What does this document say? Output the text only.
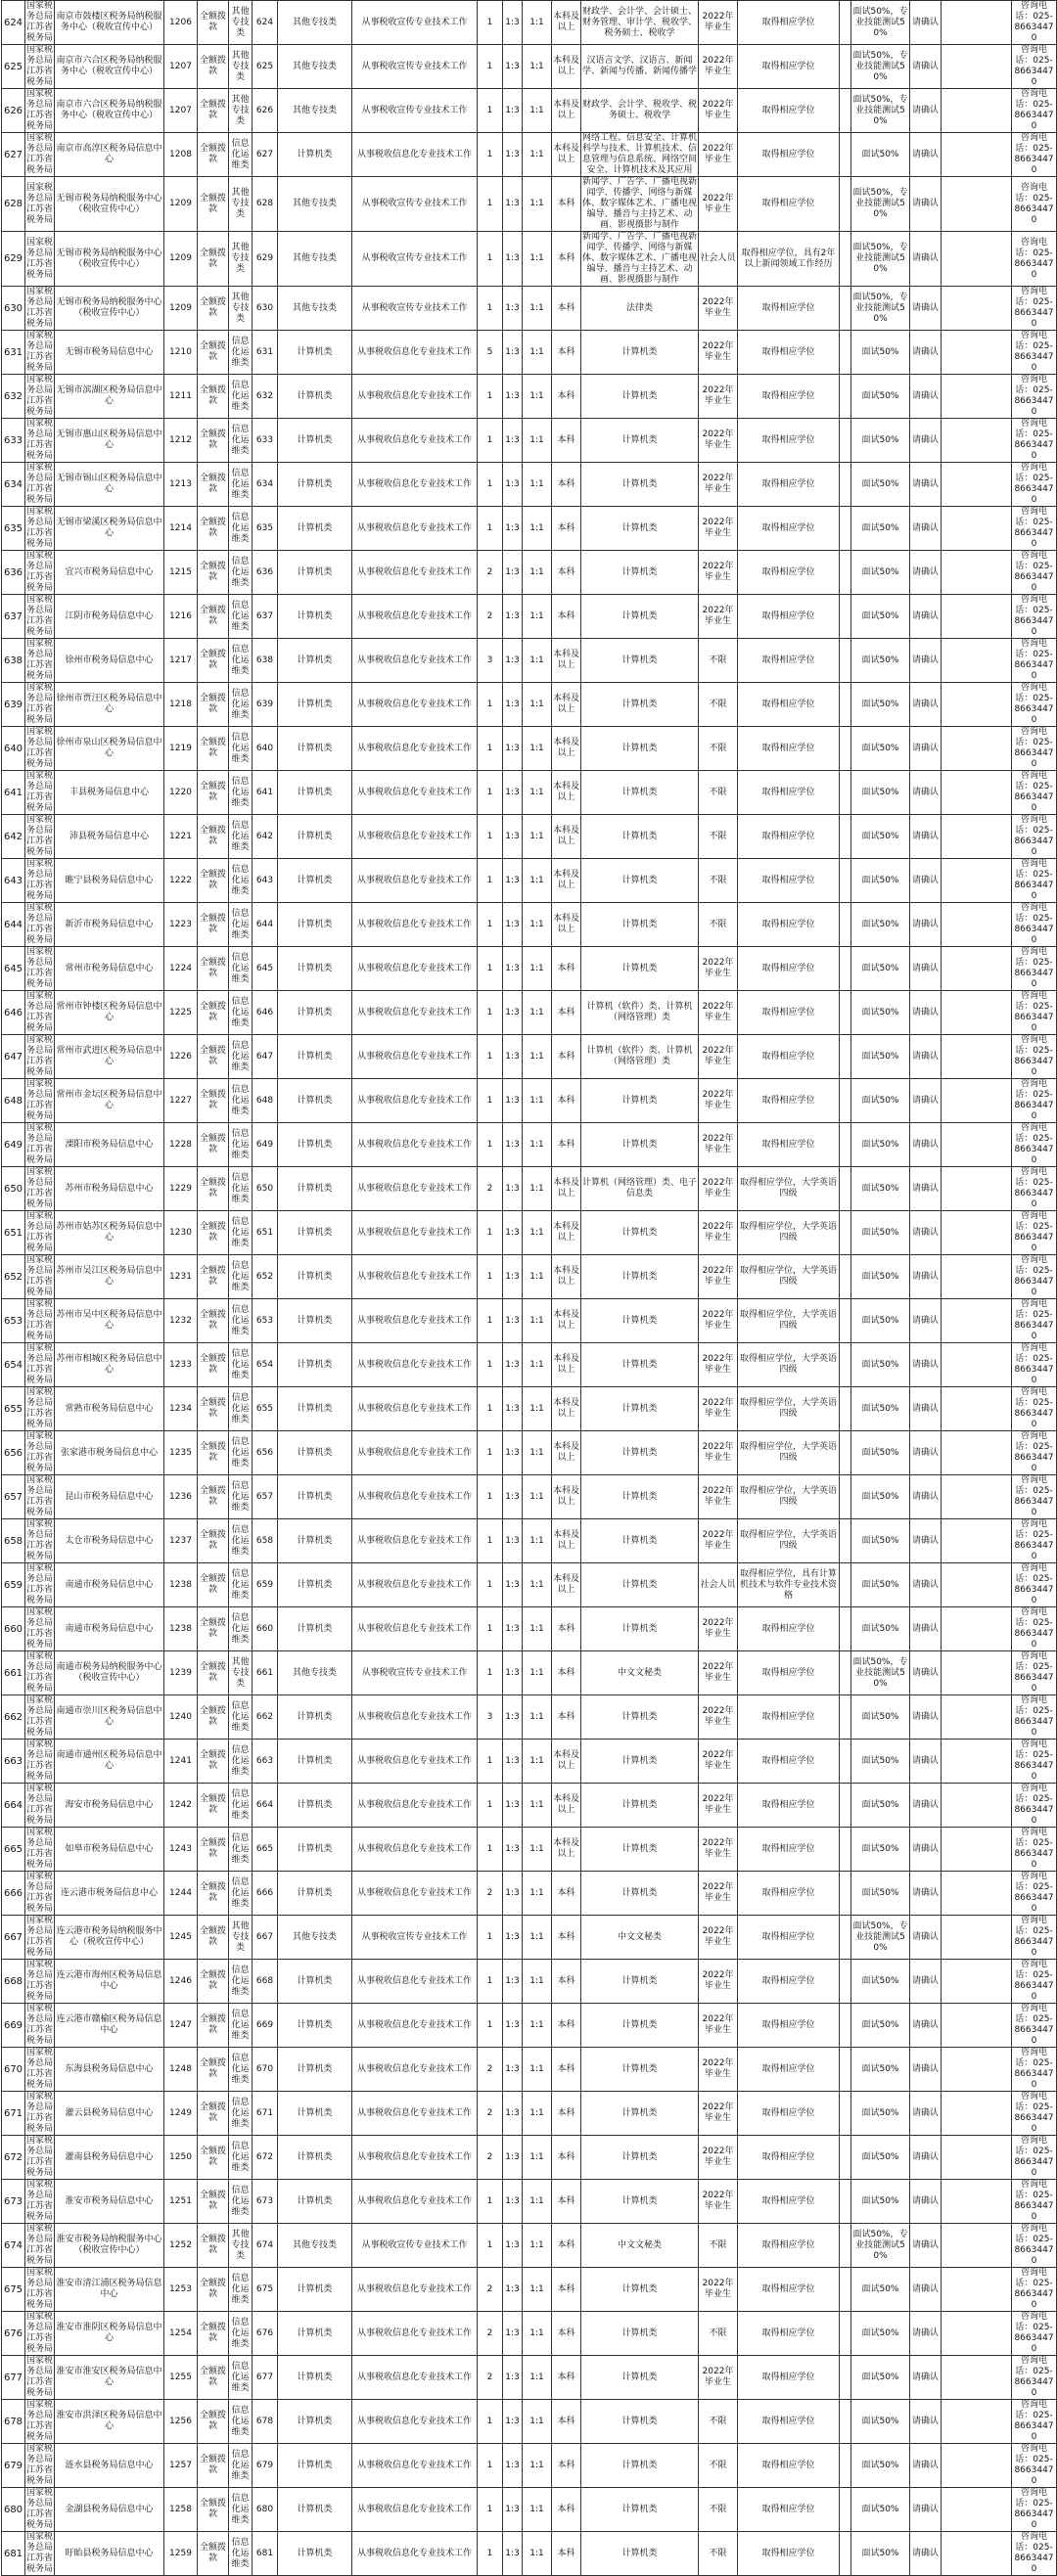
624	国家税务总局江苏省税务局	南京市鼓楼区税务局纳税服务中心（税收宣传中心）	1206	全额拨款	其他专技类	624	其他专技类	从事税收宣传专业技术工作	1	1:3	1:1	本科及以上	财政学、会计学、会计硕士、财务管理、审计学、税收学、税务硕士、税收学	2022年毕业生	取得相应学位		面试50%，专业技能测试50%	请确认		咨询电话：025-86634470
625	国家税务总局江苏省税务局	南京市六合区税务局纳税服务中心（税收宣传中心）	1207	全额拨款	其他专技类	625	其他专技类	从事税收宣传专业技术工作	1	1:3	1:1	本科及以上	汉语言文学、汉语言、新闻学、新闻与传播、新闻传播学	2022年毕业生	取得相应学位		面试50%，专业技能测试50%	请确认		咨询电话：025-86634470
626	国家税务总局江苏省税务局	南京市六合区税务局纳税服务中心（税收宣传中心）	1207	全额拨款	其他专技类	626	其他专技类	从事税收宣传专业技术工作	1	1:3	1:1	本科及以上	财政学、会计学、税收学、税务硕士、税收学	2022年毕业生	取得相应学位		面试50%，专业技能测试50%	请确认		咨询电话：025-86634470
627	国家税务总局江苏省税务局	南京市高淳区税务局信息中心	1208	全额拨款	信息化运维类	627	计算机类	从事税收信息化专业技术工作	1	1:3	1:1	本科及以上	网络工程、信息安全、计算机科学与技术、计算机技术、信息管理与信息系统、网络空间安全、计算机技术及其应用	2022年毕业生	取得相应学位		面试50%	请确认		咨询电话：025-86634470
628	国家税务总局江苏省税务局	无锡市税务局纳税服务中心（税收宣传中心）	1209	全额拨款	其他专技类	628	其他专技类	从事税收宣传专业技术工作	1	1:3	1:1	本科	新闻学、广告学、广播电视新闻学、传播学、网络与新媒体、数字媒体艺术、广播电视编导、播音与主持艺术、动画、影视摄影与制作	2022年毕业生	取得相应学位		面试50%，专业技能测试50%	请确认		咨询电话：025-86634470
629	国家税务总局江苏省税务局	无锡市税务局纳税服务中心（税收宣传中心）	1209	全额拨款	其他专技类	629	其他专技类	从事税收宣传专业技术工作	1	1:3	1:1	本科	新闻学、广告学、广播电视新闻学、传播学、网络与新媒体、数字媒体艺术、广播电视编导、播音与主持艺术、动画、影视摄影与制作	社会人员	取得相应学位，具有2年以上新闻领域工作经历		面试50%，专业技能测试50%	请确认		咨询电话：025-86634470
630	国家税务总局江苏省税务局	无锡市税务局纳税服务中心（税收宣传中心）	1209	全额拨款	其他专技类	630	其他专技类	从事税收宣传专业技术工作	1	1:3	1:1	本科	法律类	2022年毕业生	取得相应学位		面试50%，专业技能测试50%	请确认		咨询电话：025-86634470
631	国家税务总局江苏省税务局	无锡市税务局信息中心	1210	全额拨款	信息化运维类	631	计算机类	从事税收信息化专业技术工作	5	1:3	1:1	本科	计算机类	2022年毕业生	取得相应学位		面试50%	请确认		咨询电话：025-86634470
632	国家税务总局江苏省税务局	无锡市滨湖区税务局信息中心	1211	全额拨款	信息化运维类	632	计算机类	从事税收信息化专业技术工作	1	1:3	1:1	本科	计算机类	2022年毕业生	取得相应学位		面试50%	请确认		咨询电话：025-86634470
633	国家税务总局江苏省税务局	无锡市惠山区税务局信息中心	1212	全额拨款	信息化运维类	633	计算机类	从事税收信息化专业技术工作	1	1:3	1:1	本科	计算机类	2022年毕业生	取得相应学位		面试50%	请确认		咨询电话：025-86634470
634	国家税务总局江苏省税务局	无锡市锡山区税务局信息中心	1213	全额拨款	信息化运维类	634	计算机类	从事税收信息化专业技术工作	1	1:3	1:1	本科	计算机类	2022年毕业生	取得相应学位		面试50%	请确认		咨询电话：025-86634470
635	国家税务总局江苏省税务局	无锡市梁溪区税务局信息中心	1214	全额拨款	信息化运维类	635	计算机类	从事税收信息化专业技术工作	1	1:3	1:1	本科	计算机类	2022年毕业生	取得相应学位		面试50%	请确认		咨询电话：025-86634470
636	国家税务总局江苏省税务局	宜兴市税务局信息中心	1215	全额拨款	信息化运维类	636	计算机类	从事税收信息化专业技术工作	2	1:3	1:1	本科	计算机类	2022年毕业生	取得相应学位		面试50%	请确认		咨询电话：025-86634470
637	国家税务总局江苏省税务局	江阴市税务局信息中心	1216	全额拨款	信息化运维类	637	计算机类	从事税收信息化专业技术工作	2	1:3	1:1	本科	计算机类	2022年毕业生	取得相应学位		面试50%	请确认		咨询电话：025-86634470
638	国家税务总局江苏省税务局	徐州市税务局信息中心	1217	全额拨款	信息化运维类	638	计算机类	从事税收信息化专业技术工作	3	1:3	1:1	本科及以上	计算机类	不限	取得相应学位		面试50%	请确认		咨询电话：025-86634470
639	国家税务总局江苏省税务局	徐州市贾汪区税务局信息中心	1218	全额拨款	信息化运维类	639	计算机类	从事税收信息化专业技术工作	1	1:3	1:1	本科及以上	计算机类	不限	取得相应学位		面试50%	请确认		咨询电话：025-86634470
640	国家税务总局江苏省税务局	徐州市泉山区税务局信息中心	1219	全额拨款	信息化运维类	640	计算机类	从事税收信息化专业技术工作	1	1:3	1:1	本科及以上	计算机类	不限	取得相应学位		面试50%	请确认		咨询电话：025-86634470
641	国家税务总局江苏省税务局	丰县税务局信息中心	1220	全额拨款	信息化运维类	641	计算机类	从事税收信息化专业技术工作	1	1:3	1:1	本科及以上	计算机类	不限	取得相应学位		面试50%	请确认		咨询电话：025-86634470
642	国家税务总局江苏省税务局	沛县税务局信息中心	1221	全额拨款	信息化运维类	642	计算机类	从事税收信息化专业技术工作	1	1:3	1:1	本科及以上	计算机类	不限	取得相应学位		面试50%	请确认		咨询电话：025-86634470
643	国家税务总局江苏省税务局	睢宁县税务局信息中心	1222	全额拨款	信息化运维类	643	计算机类	从事税收信息化专业技术工作	1	1:3	1:1	本科及以上	计算机类	不限	取得相应学位		面试50%	请确认		咨询电话：025-86634470
644	国家税务总局江苏省税务局	新沂市税务局信息中心	1223	全额拨款	信息化运维类	644	计算机类	从事税收信息化专业技术工作	1	1:3	1:1	本科及以上	计算机类	不限	取得相应学位		面试50%	请确认		咨询电话：025-86634470
645	国家税务总局江苏省税务局	常州市税务局信息中心	1224	全额拨款	信息化运维类	645	计算机类	从事税收信息化专业技术工作	1	1:3	1:1	本科	计算机类	2022年毕业生	取得相应学位		面试50%	请确认		咨询电话：025-86634470
646	国家税务总局江苏省税务局	常州市钟楼区税务局信息中心	1225	全额拨款	信息化运维类	646	计算机类	从事税收信息化专业技术工作	1	1:3	1:1	本科	计算机（软件）类、计算机（网络管理）类	2022年毕业生	取得相应学位		面试50%	请确认		咨询电话：025-86634470
647	国家税务总局江苏省税务局	常州市武进区税务局信息中心	1226	全额拨款	信息化运维类	647	计算机类	从事税收信息化专业技术工作	1	1:3	1:1	本科	计算机（软件）类、计算机（网络管理）类	2022年毕业生	取得相应学位		面试50%	请确认		咨询电话：025-86634470
648	国家税务总局江苏省税务局	常州市金坛区税务局信息中心	1227	全额拨款	信息化运维类	648	计算机类	从事税收信息化专业技术工作	1	1:3	1:1	本科	计算机类	2022年毕业生	取得相应学位		面试50%	请确认		咨询电话：025-86634470
649	国家税务总局江苏省税务局	溧阳市税务局信息中心	1228	全额拨款	信息化运维类	649	计算机类	从事税收信息化专业技术工作	1	1:3	1:1	本科	计算机类	2022年毕业生	取得相应学位		面试50%	请确认		咨询电话：025-86634470
650	国家税务总局江苏省税务局	苏州市税务局信息中心	1229	全额拨款	信息化运维类	650	计算机类	从事税收信息化专业技术工作	2	1:3	1:1	本科及以上	计算机（网络管理）类、电子信息类	2022年毕业生	取得相应学位，大学英语四级		面试50%	请确认		咨询电话：025-86634470
651	国家税务总局江苏省税务局	苏州市姑苏区税务局信息中心	1230	全额拨款	信息化运维类	651	计算机类	从事税收信息化专业技术工作	1	1:3	1:1	本科及以上	计算机类	2022年毕业生	取得相应学位，大学英语四级		面试50%	请确认		咨询电话：025-86634470
652	国家税务总局江苏省税务局	苏州市吴江区税务局信息中心	1231	全额拨款	信息化运维类	652	计算机类	从事税收信息化专业技术工作	1	1:3	1:1	本科及以上	计算机类	2022年毕业生	取得相应学位，大学英语四级		面试50%	请确认		咨询电话：025-86634470
653	国家税务总局江苏省税务局	苏州市吴中区税务局信息中心	1232	全额拨款	信息化运维类	653	计算机类	从事税收信息化专业技术工作	1	1:3	1:1	本科及以上	计算机类	2022年毕业生	取得相应学位，大学英语四级		面试50%	请确认		咨询电话：025-86634470
654	国家税务总局江苏省税务局	苏州市相城区税务局信息中心	1233	全额拨款	信息化运维类	654	计算机类	从事税收信息化专业技术工作	1	1:3	1:1	本科及以上	计算机类	2022年毕业生	取得相应学位，大学英语四级		面试50%	请确认		咨询电话：025-86634470
655	国家税务总局江苏省税务局	常熟市税务局信息中心	1234	全额拨款	信息化运维类	655	计算机类	从事税收信息化专业技术工作	1	1:3	1:1	本科及以上	计算机类	2022年毕业生	取得相应学位，大学英语四级		面试50%	请确认		咨询电话：025-86634470
656	国家税务总局江苏省税务局	张家港市税务局信息中心	1235	全额拨款	信息化运维类	656	计算机类	从事税收信息化专业技术工作	1	1:3	1:1	本科及以上	计算机类	2022年毕业生	取得相应学位，大学英语四级		面试50%	请确认		咨询电话：025-86634470
657	国家税务总局江苏省税务局	昆山市税务局信息中心	1236	全额拨款	信息化运维类	657	计算机类	从事税收信息化专业技术工作	1	1:3	1:1	本科及以上	计算机类	2022年毕业生	取得相应学位，大学英语四级		面试50%	请确认		咨询电话：025-86634470
658	国家税务总局江苏省税务局	太仓市税务局信息中心	1237	全额拨款	信息化运维类	658	计算机类	从事税收信息化专业技术工作	1	1:3	1:1	本科及以上	计算机类	2022年毕业生	取得相应学位，大学英语四级		面试50%	请确认		咨询电话：025-86634470
659	国家税务总局江苏省税务局	南通市税务局信息中心	1238	全额拨款	信息化运维类	659	计算机类	从事税收信息化专业技术工作	1	1:3	1:1	本科及以上	计算机类	社会人员	取得相应学位，具有计算机技术与软件专业技术资格		面试50%	请确认		咨询电话：025-86634470
660	国家税务总局江苏省税务局	南通市税务局信息中心	1238	全额拨款	信息化运维类	660	计算机类	从事税收信息化专业技术工作	1	1:3	1:1	本科	计算机类	2022年毕业生	取得相应学位		面试50%	请确认		咨询电话：025-86634470
661	国家税务总局江苏省税务局	南通市税务局纳税服务中心（税收宣传中心）	1239	全额拨款	其他专技类	661	其他专技类	从事税收宣传专业技术工作	1	1:3	1:1	本科	中文文秘类	2022年毕业生	取得相应学位		面试50%，专业技能测试50%	请确认		咨询电话：025-86634470
662	国家税务总局江苏省税务局	南通市崇川区税务局信息中心	1240	全额拨款	信息化运维类	662	计算机类	从事税收信息化专业技术工作	3	1:3	1:1	本科	计算机类	2022年毕业生	取得相应学位		面试50%	请确认		咨询电话：025-86634470
663	国家税务总局江苏省税务局	南通市通州区税务局信息中心	1241	全额拨款	信息化运维类	663	计算机类	从事税收信息化专业技术工作	1	1:3	1:1	本科及以上	计算机类	2022年毕业生	取得相应学位		面试50%	请确认		咨询电话：025-86634470
664	国家税务总局江苏省税务局	海安市税务局信息中心	1242	全额拨款	信息化运维类	664	计算机类	从事税收信息化专业技术工作	1	1:3	1:1	本科及以上	计算机类	2022年毕业生	取得相应学位		面试50%	请确认		咨询电话：025-86634470
665	国家税务总局江苏省税务局	如皋市税务局信息中心	1243	全额拨款	信息化运维类	665	计算机类	从事税收信息化专业技术工作	1	1:3	1:1	本科及以上	计算机类	2022年毕业生	取得相应学位		面试50%	请确认		咨询电话：025-86634470
666	国家税务总局江苏省税务局	连云港市税务局信息中心	1244	全额拨款	信息化运维类	666	计算机类	从事税收信息化专业技术工作	2	1:3	1:1	本科	计算机类	2022年毕业生	取得相应学位		面试50%	请确认		咨询电话：025-86634470
667	国家税务总局江苏省税务局	连云港市税务局纳税服务中心（税收宣传中心）	1245	全额拨款	其他专技类	667	其他专技类	从事税收宣传专业技术工作	1	1:3	1:1	本科	中文文秘类	2022年毕业生	取得相应学位		面试50%，专业技能测试50%	请确认		咨询电话：025-86634470
668	国家税务总局江苏省税务局	连云港市海州区税务局信息中心	1246	全额拨款	信息化运维类	668	计算机类	从事税收信息化专业技术工作	1	1:3	1:1	本科	计算机类	2022年毕业生	取得相应学位		面试50%	请确认		咨询电话：025-86634470
669	国家税务总局江苏省税务局	连云港市赣榆区税务局信息中心	1247	全额拨款	信息化运维类	669	计算机类	从事税收信息化专业技术工作	1	1:3	1:1	本科	计算机类	2022年毕业生	取得相应学位		面试50%	请确认		咨询电话：025-86634470
670	国家税务总局江苏省税务局	东海县税务局信息中心	1248	全额拨款	信息化运维类	670	计算机类	从事税收信息化专业技术工作	2	1:3	1:1	本科	计算机类	2022年毕业生	取得相应学位		面试50%	请确认		咨询电话：025-86634470
671	国家税务总局江苏省税务局	灌云县税务局信息中心	1249	全额拨款	信息化运维类	671	计算机类	从事税收信息化专业技术工作	2	1:3	1:1	本科	计算机类	2022年毕业生	取得相应学位		面试50%	请确认		咨询电话：025-86634470
672	国家税务总局江苏省税务局	灌南县税务局信息中心	1250	全额拨款	信息化运维类	672	计算机类	从事税收信息化专业技术工作	2	1:3	1:1	本科	计算机类	2022年毕业生	取得相应学位		面试50%	请确认		咨询电话：025-86634470
673	国家税务总局江苏省税务局	淮安市税务局信息中心	1251	全额拨款	信息化运维类	673	计算机类	从事税收信息化专业技术工作	1	1:3	1:1	本科	计算机类	2022年毕业生	取得相应学位		面试50%	请确认		咨询电话：025-86634470
674	国家税务总局江苏省税务局	淮安市税务局纳税服务中心（税收宣传中心）	1252	全额拨款	其他专技类	674	其他专技类	从事税收宣传专业技术工作	1	1:3	1:1	本科	中文文秘类	不限	取得相应学位		面试50%，专业技能测试50%	请确认		咨询电话：025-86634470
675	国家税务总局江苏省税务局	淮安市清江浦区税务局信息中心	1253	全额拨款	信息化运维类	675	计算机类	从事税收信息化专业技术工作	2	1:3	1:1	本科	计算机类	2022年毕业生	取得相应学位		面试50%	请确认		咨询电话：025-86634470
676	国家税务总局江苏省税务局	淮安市淮阴区税务局信息中心	1254	全额拨款	信息化运维类	676	计算机类	从事税收信息化专业技术工作	2	1:3	1:1	本科	计算机类	不限	取得相应学位		面试50%	请确认		咨询电话：025-86634470
677	国家税务总局江苏省税务局	淮安市淮安区税务局信息中心	1255	全额拨款	信息化运维类	677	计算机类	从事税收信息化专业技术工作	2	1:3	1:1	本科	计算机类	2022年毕业生	取得相应学位		面试50%	请确认		咨询电话：025-86634470
678	国家税务总局江苏省税务局	淮安市洪泽区税务局信息中心	1256	全额拨款	信息化运维类	678	计算机类	从事税收信息化专业技术工作	1	1:3	1:1	本科	计算机类	不限	取得相应学位		面试50%	请确认		咨询电话：025-86634470
679	国家税务总局江苏省税务局	涟水县税务局信息中心	1257	全额拨款	信息化运维类	679	计算机类	从事税收信息化专业技术工作	1	1:3	1:1	本科	计算机类	不限	取得相应学位		面试50%	请确认		咨询电话：025-86634470
680	国家税务总局江苏省税务局	金湖县税务局信息中心	1258	全额拨款	信息化运维类	680	计算机类	从事税收信息化专业技术工作	1	1:3	1:1	本科	计算机类	不限	取得相应学位		面试50%	请确认		咨询电话：025-86634470
681	国家税务总局江苏省税务局	盱眙县税务局信息中心	1259	全额拨款	信息化运维类	681	计算机类	从事税收信息化专业技术工作	1	1:3	1:1	本科	计算机类	不限	取得相应学位		面试50%	请确认		咨询电话：025-86634470
